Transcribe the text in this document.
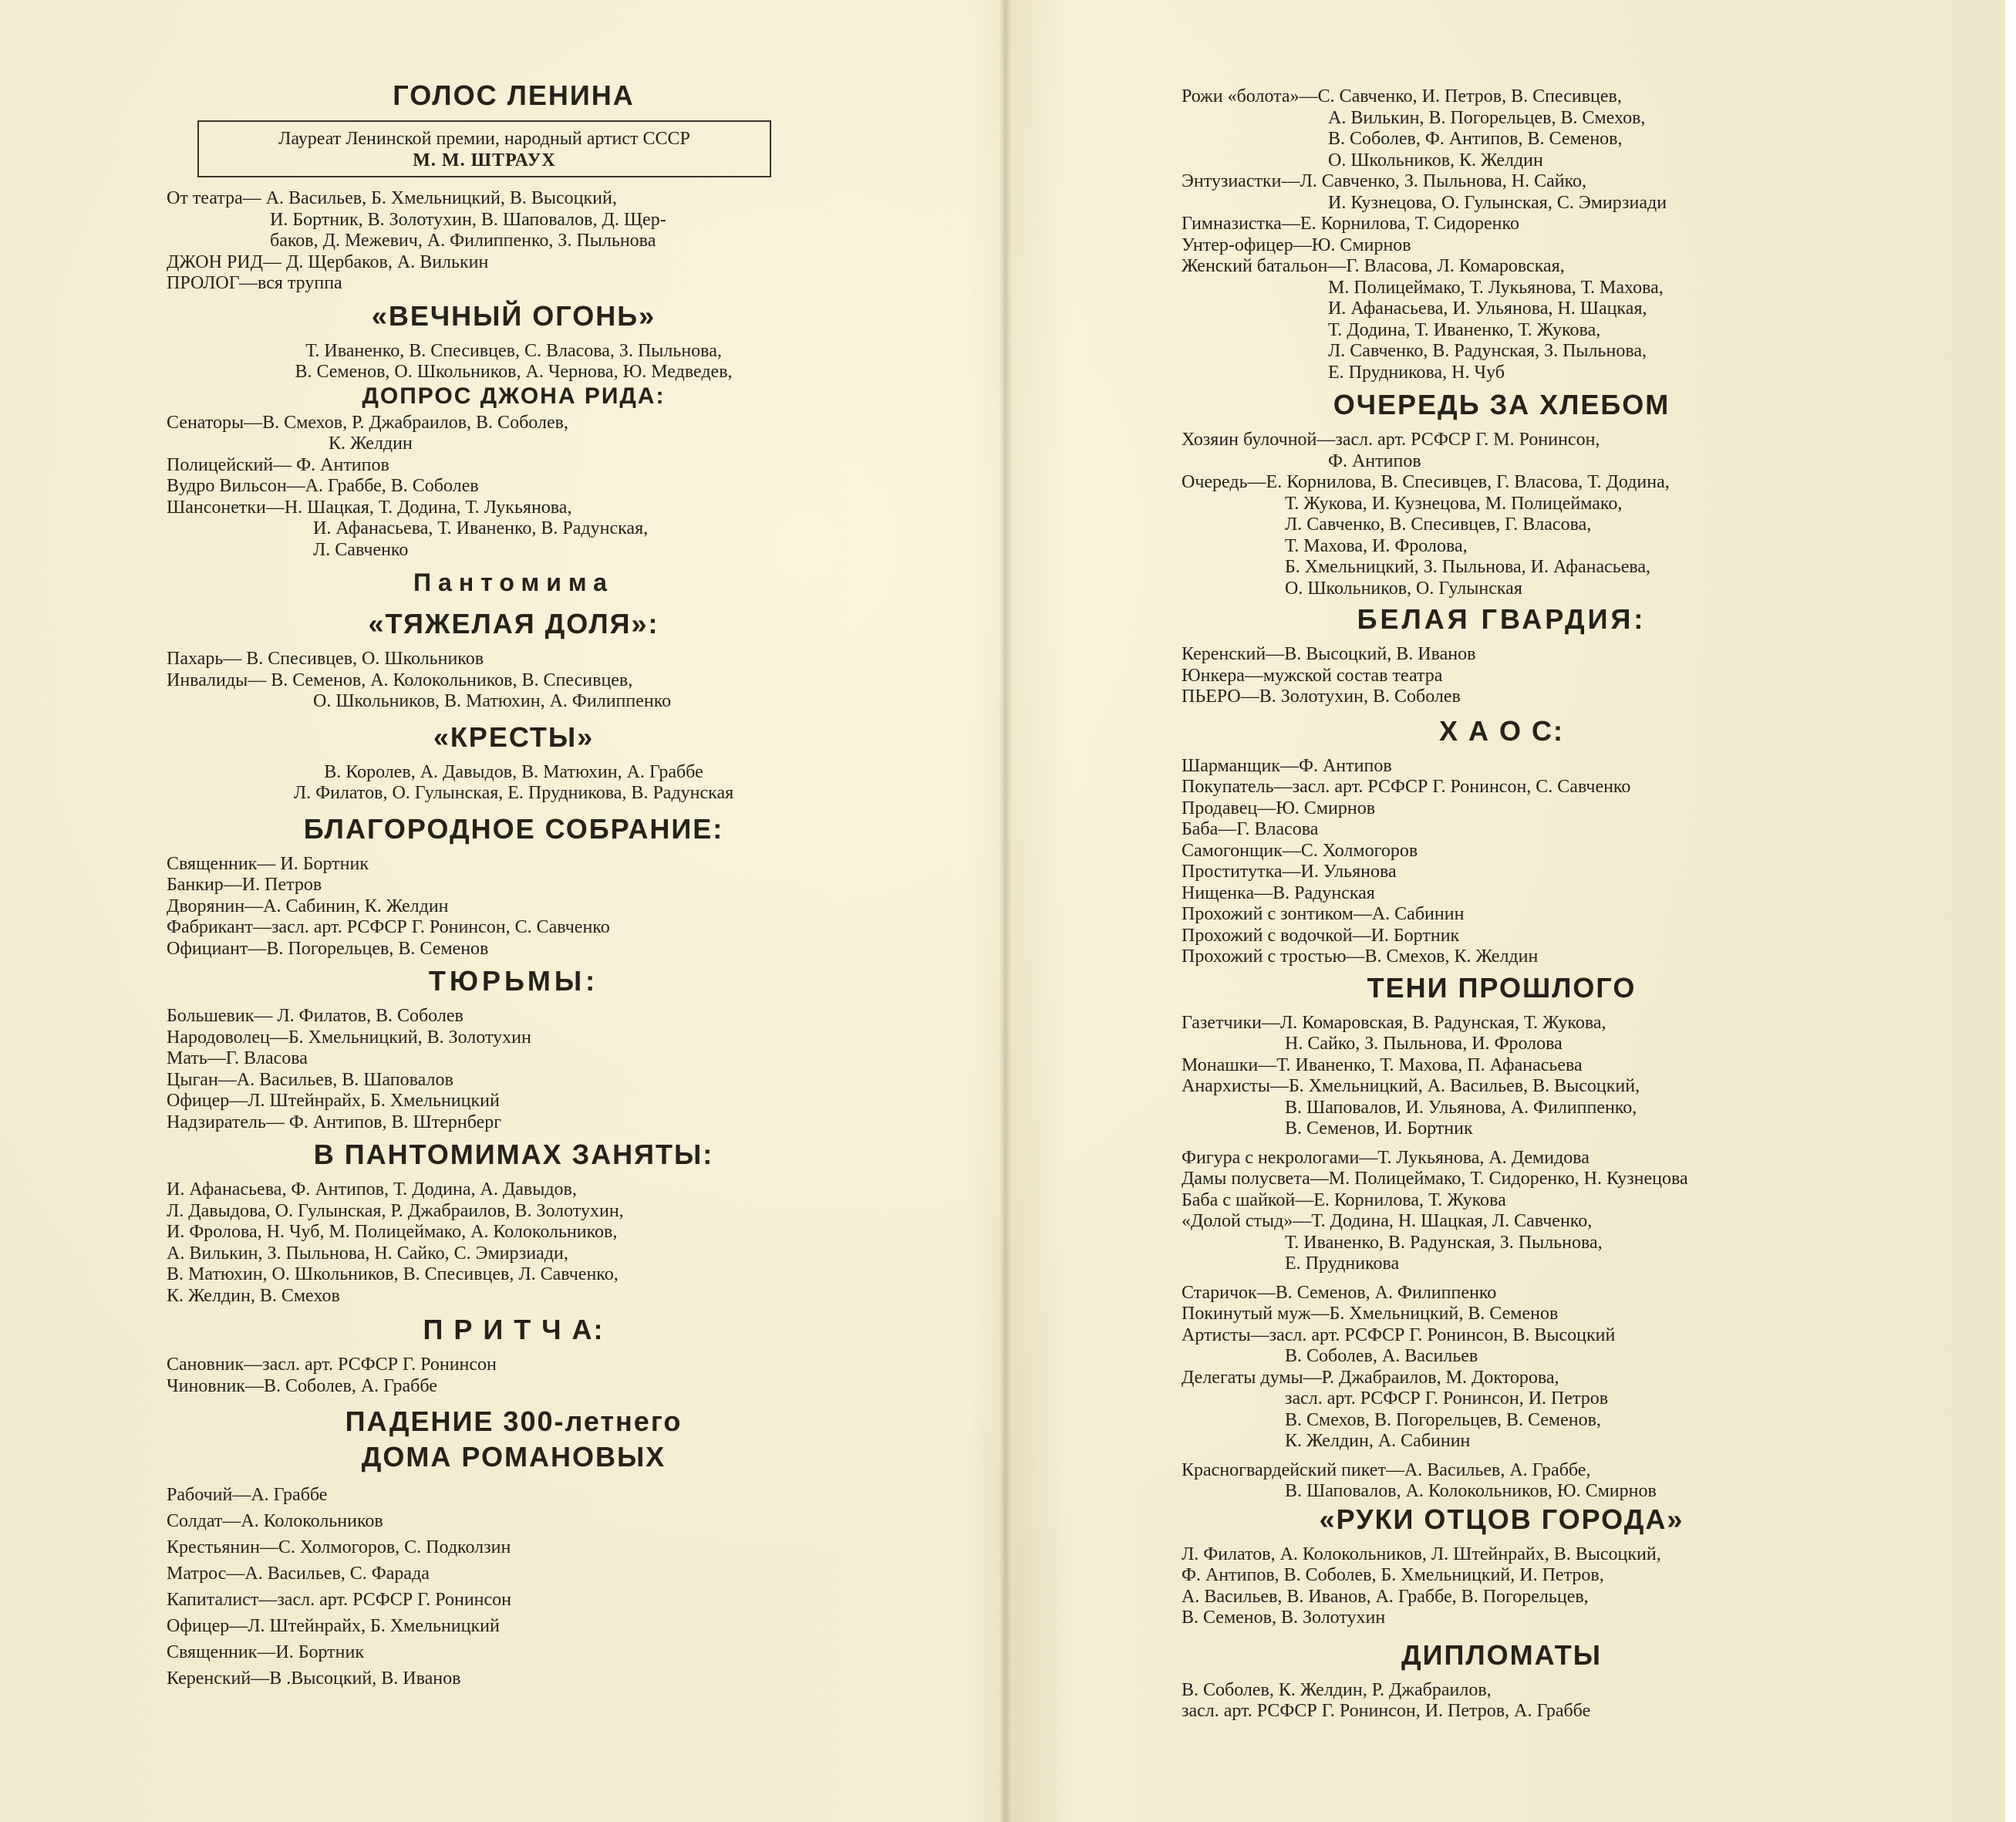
ГОЛОС ЛЕНИНА
Лауреат Ленинской премии, народный артист СССР
М. М. ШТРАУХ
От театра— А. Васильев, Б. Хмельницкий, В. Высоцкий,
И. Бортник, В. Золотухин, В. Шаповалов, Д. Щер-
баков, Д. Межевич, А. Филиппенко, З. Пыльнова
ДЖОН РИД— Д. Щербаков, А. Вилькин
ПРОЛОГ—вся труппа
«ВЕЧНЫЙ ОГОНЬ»
Т. Иваненко, В. Спесивцев, С. Власова, З. Пыльнова,
В. Семенов, О. Школьников, А. Чернова, Ю. Медведев,
ДОПРОС ДЖОНА РИДА:
Сенаторы—В. Смехов, Р. Джабраилов, В. Соболев,
К. Желдин
Полицейский— Ф. Антипов
Вудро Вильсон—А. Граббе, В. Соболев
Шансонетки—Н. Шацкая, Т. Додина, Т. Лукьянова,
И. Афанасьева, Т. Иваненко, В. Радунская,
Л. Савченко
Пантомима
«ТЯЖЕЛАЯ ДОЛЯ»:
Пахарь— В. Спесивцев, О. Школьников
Инвалиды— В. Семенов, А. Колокольников, В. Спесивцев,
О. Школьников, В. Матюхин, А. Филиппенко
«КРЕСТЫ»
В. Королев, А. Давыдов, В. Матюхин, А. Граббе
Л. Филатов, О. Гулынская, Е. Прудникова, В. Радунская
БЛАГОРОДНОЕ СОБРАНИЕ:
Священник— И. Бортник
Банкир—И. Петров
Дворянин—А. Сабинин, К. Желдин
Фабрикант—засл. арт. РСФСР Г. Ронинсон, С. Савченко
Официант—В. Погорельцев, В. Семенов
ТЮРЬМЫ:
Большевик— Л. Филатов, В. Соболев
Народоволец—Б. Хмельницкий, В. Золотухин
Мать—Г. Власова
Цыган—А. Васильев, В. Шаповалов
Офицер—Л. Штейнрайх, Б. Хмельницкий
Надзиратель— Ф. Антипов, В. Штернберг
В ПАНТОМИМАХ ЗАНЯТЫ:
И. Афанасьева, Ф. Антипов, Т. Додина, А. Давыдов,
Л. Давыдова, О. Гулынская, Р. Джабраилов, В. Золотухин,
И. Фролова, Н. Чуб, М. Полицеймако, А. Колокольников,
А. Вилькин, З. Пыльнова, Н. Сайко, С. Эмирзиади,
В. Матюхин, О. Школьников, В. Спесивцев, Л. Савченко,
К. Желдин, В. Смехов
П Р И Т Ч А:
Сановник—засл. арт. РСФСР Г. Ронинсон
Чиновник—В. Соболев, А. Граббе
ПАДЕНИЕ 300-летнего
ДОМА РОМАНОВЫХ
Рабочий—А. Граббе
Солдат—А. Колокольников
Крестьянин—С. Холмогоров, С. Подколзин
Матрос—А. Васильев, С. Фарада
Капиталист—засл. арт. РСФСР Г. Ронинсон
Офицер—Л. Штейнрайх, Б. Хмельницкий
Священник—И. Бортник
Керенский—В .Высоцкий, В. Иванов
Рожи «болота»—С. Савченко, И. Петров, В. Спесивцев,
А. Вилькин, В. Погорельцев, В. Смехов,
В. Соболев, Ф. Антипов, В. Семенов,
О. Школьников, К. Желдин
Энтузиастки—Л. Савченко, З. Пыльнова, Н. Сайко,
И. Кузнецова, О. Гулынская, С. Эмирзиади
Гимназистка—Е. Корнилова, Т. Сидоренко
Унтер-офицер—Ю. Смирнов
Женский батальон—Г. Власова, Л. Комаровская,
М. Полицеймако, Т. Лукьянова, Т. Махова,
И. Афанасьева, И. Ульянова, Н. Шацкая,
Т. Додина, Т. Иваненко, Т. Жукова,
Л. Савченко, В. Радунская, З. Пыльнова,
Е. Прудникова, Н. Чуб
ОЧЕРЕДЬ ЗА ХЛЕБОМ
Хозяин булочной—засл. арт. РСФСР Г. М. Ронинсон,
Ф. Антипов
Очередь—Е. Корнилова, В. Спесивцев, Г. Власова, Т. Додина,
Т. Жукова, И. Кузнецова, М. Полицеймако,
Л. Савченко, В. Спесивцев, Г. Власова,
Т. Махова, И. Фролова,
Б. Хмельницкий, З. Пыльнова, И. Афанасьева,
О. Школьников, О. Гулынская
БЕЛАЯ ГВАРДИЯ:
Керенский—В. Высоцкий, В. Иванов
Юнкера—мужской состав театра
ПЬЕРО—В. Золотухин, В. Соболев
Х А О С:
Шарманщик—Ф. Антипов
Покупатель—засл. арт. РСФСР Г. Ронинсон, С. Савченко
Продавец—Ю. Смирнов
Баба—Г. Власова
Самогонщик—С. Холмогоров
Проститутка—И. Ульянова
Нищенка—В. Радунская
Прохожий с зонтиком—А. Сабинин
Прохожий с водочкой—И. Бортник
Прохожий с тростью—В. Смехов, К. Желдин
ТЕНИ ПРОШЛОГО
Газетчики—Л. Комаровская, В. Радунская, Т. Жукова,
Н. Сайко, З. Пыльнова, И. Фролова
Монашки—Т. Иваненко, Т. Махова, П. Афанасьева
Анархисты—Б. Хмельницкий, А. Васильев, В. Высоцкий,
В. Шаповалов, И. Ульянова, А. Филиппенко,
В. Семенов, И. Бортник
Фигура с некрологами—Т. Лукьянова, А. Демидова
Дамы полусвета—М. Полицеймако, Т. Сидоренко, Н. Кузнецова
Баба с шайкой—Е. Корнилова, Т. Жукова
«Долой стыд»—Т. Додина, Н. Шацкая, Л. Савченко,
Т. Иваненко, В. Радунская, З. Пыльнова,
Е. Прудникова
Старичок—В. Семенов, А. Филиппенко
Покинутый муж—Б. Хмельницкий, В. Семенов
Артисты—засл. арт. РСФСР Г. Ронинсон, В. Высоцкий
В. Соболев, А. Васильев
Делегаты думы—Р. Джабраилов, М. Докторова,
засл. арт. РСФСР Г. Ронинсон, И. Петров
В. Смехов, В. Погорельцев, В. Семенов,
К. Желдин, А. Сабинин
Красногвардейский пикет—А. Васильев, А. Граббе,
В. Шаповалов, А. Колокольников, Ю. Смирнов
«РУКИ ОТЦОВ ГОРОДА»
Л. Филатов, А. Колокольников, Л. Штейнрайх, В. Высоцкий,
Ф. Антипов, В. Соболев, Б. Хмельницкий, И. Петров,
А. Васильев, В. Иванов, А. Граббе, В. Погорельцев,
В. Семенов, В. Золотухин
ДИПЛОМАТЫ
В. Соболев, К. Желдин, Р. Джабраилов,
засл. арт. РСФСР Г. Ронинсон, И. Петров, А. Граббе
